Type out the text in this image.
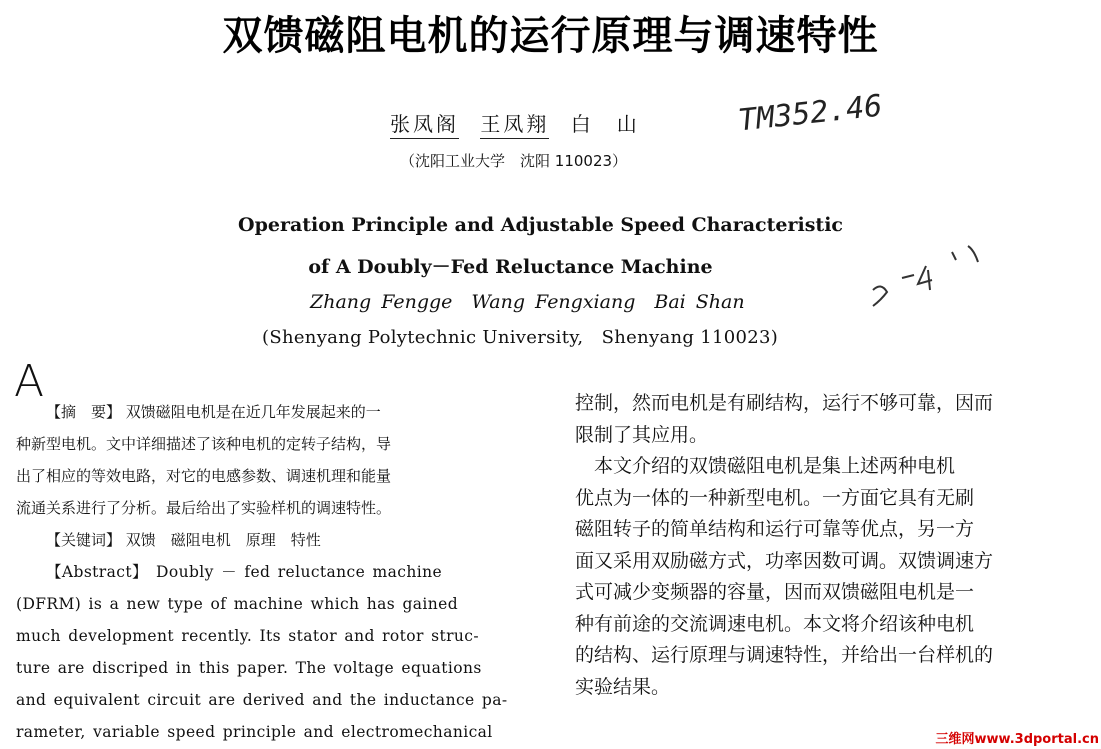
双馈磁阻电机的运行原理与调速特性
张凤阁 王凤翔 白　山	TM352.46
（沈阳工业大学　沈阳 110023）
Operation Principle and Adjustable Speed Characteristic
of A Doubly－Fed Reluctance Machine
Zhang Fengge　Wang Fengxiang　Bai Shan
(Shenyang Polytechnic University,　Shenyang 110023)
A
【摘　要】 双馈磁阻电机是在近几年发展起来的一
种新型电机。文中详细描述了该种电机的定转子结构，导
出了相应的等效电路，对它的电感参数、调速机理和能量
流通关系进行了分析。最后给出了实验样机的调速特性。
【关键词】 双馈　磁阻电机　原理　特性
【Abstract】　Doubly － fed reluctance machine
(DFRM) is a new type of machine which has gained
much development recently. Its stator and rotor struc-
ture are discriped in this paper. The voltage equations
and equivalent circuit are derived and the inductance pa-
rameter, variable speed principle and electromechanical
控制，然而电机是有刷结构，运行不够可靠，因而
限制了其应用。
　本文介绍的双馈磁阻电机是集上述两种电机
优点为一体的一种新型电机。一方面它具有无刷
磁阻转子的简单结构和运行可靠等优点，另一方
面又采用双励磁方式，功率因数可调。双馈调速方
式可减少变频器的容量，因而双馈磁阻电机是一
种有前途的交流调速电机。本文将介绍该种电机
的结构、运行原理与调速特性，并给出一台样机的
实验结果。
三维网www.3dportal.cn
